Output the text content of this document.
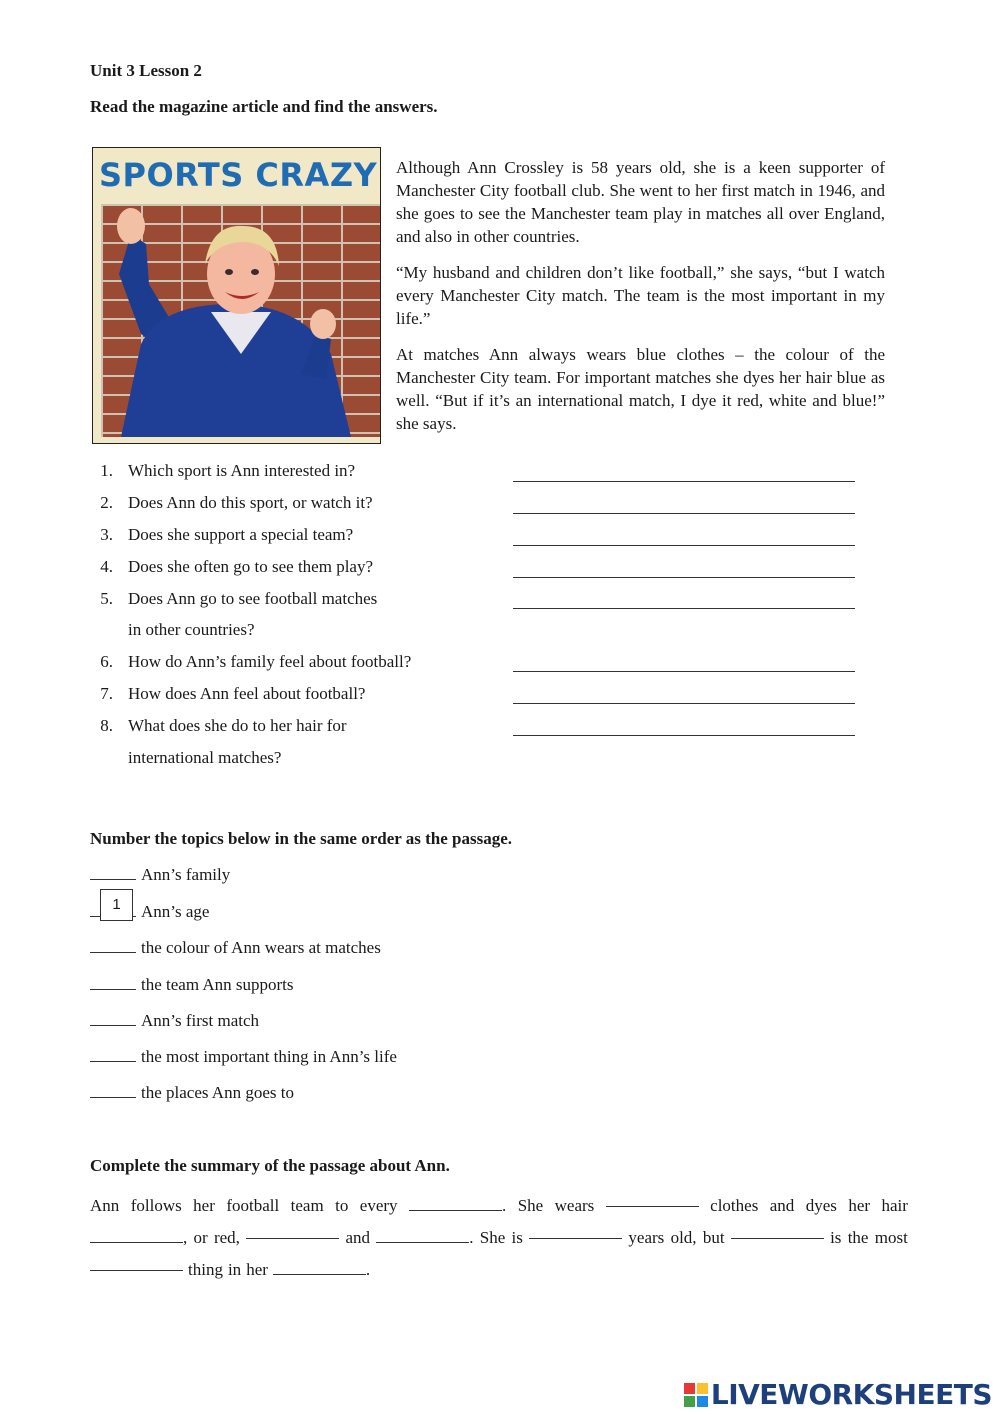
Unit 3 Lesson 2
Read the magazine article and find the answers.
SPORTS CRAZY Although Ann Crossley is 58 years old, she is a keen supporter of Manchester City football club. She went to her first match in 1946, and she goes to see the Manchester team play in matches all over England, and also in other countries.

“My husband and children don’t like football,” she says, “but I watch every Manchester City match. The team is the most important in my life.”

At matches Ann always wears blue clothes – the colour of the Manchester City team. For important matches she dyes her hair blue as well. “But if it’s an international match, I dye it red, white and blue!” she says.

1. Which sport is Ann interested in?
2. Does Ann do this sport, or watch it?
3. Does she support a special team?
4. Does she often go to see them play?
5. Does Ann go to see football matches
in other countries?
6. How do Ann’s family feel about football?
7. How does Ann feel about football?
8. What does she do to her hair for
international matches?
Number the topics below in the same order as the passage.
Ann’s family
Ann’s age
the colour of Ann wears at matches
the team Ann supports
Ann’s first match
the most important thing in Ann’s life
the places Ann goes to
1
Complete the summary of the passage about Ann.
Ann follows her football team to every	. She wears	clothes and dyes her hair
, or red,	and	. She is	years old, but	is the most
thing in her	.
LIVEWORKSHEETS
